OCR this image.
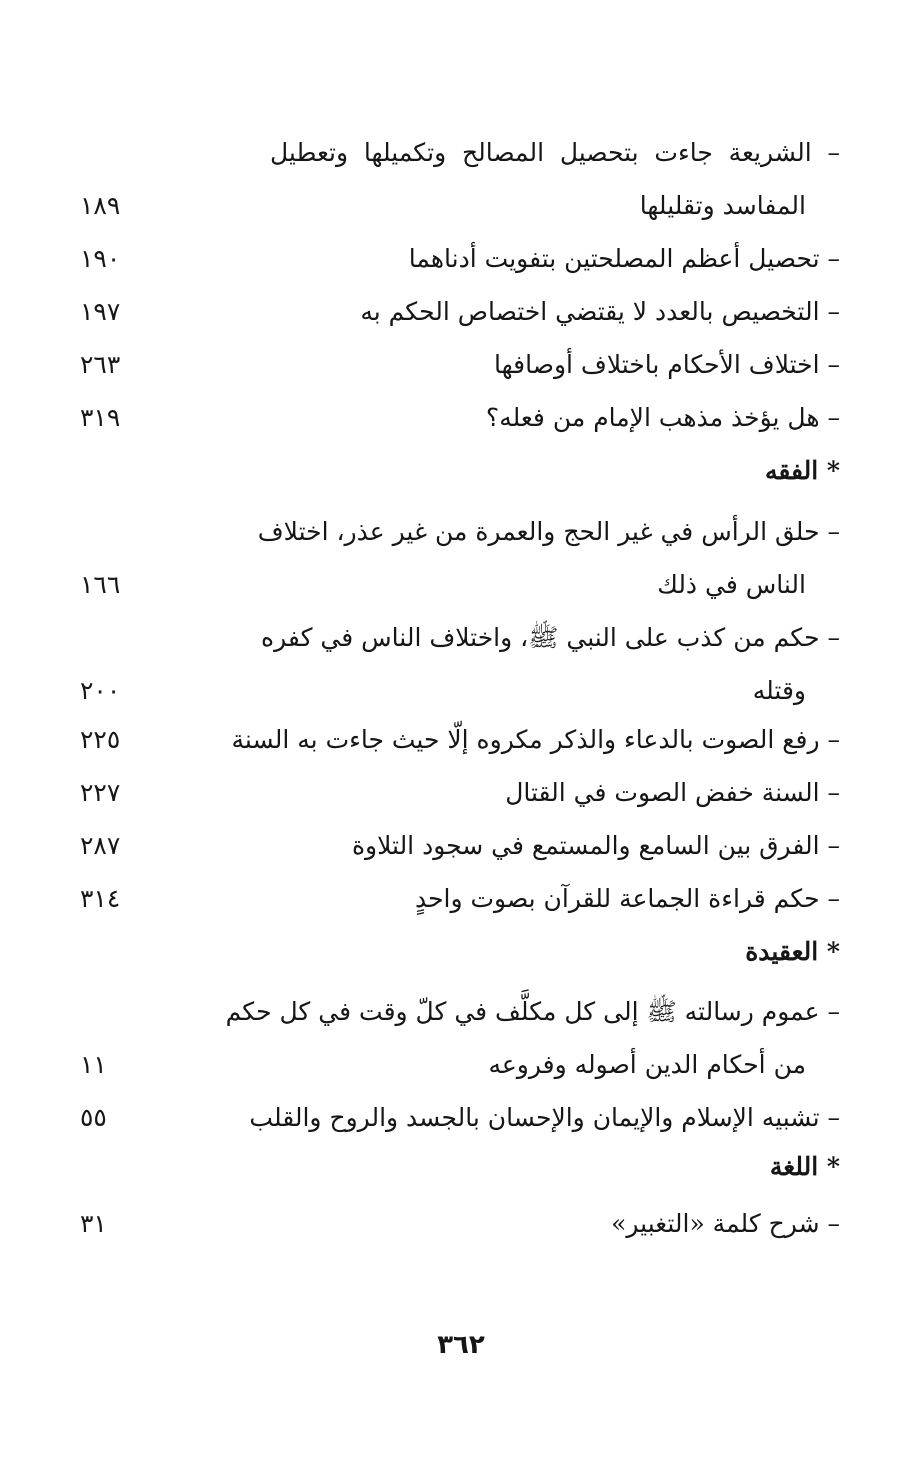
– الشريعة جاءت بتحصيل المصالح وتكميلها وتعطيل
المفاسد وتقليلها
١٨٩
– تحصيل أعظم المصلحتين بتفويت أدناهما
١٩٠
– التخصيص بالعدد لا يقتضي اختصاص الحكم به
١٩٧
– اختلاف الأحكام باختلاف أوصافها
٢٦٣
– هل يؤخذ مذهب الإمام من فعله؟
٣١٩
* الفقه
– حلق الرأس في غير الحج والعمرة من غير عذر، اختلاف
الناس في ذلك
١٦٦
– حكم من كذب على النبي ﷺ، واختلاف الناس في كفره
وقتله
٢٠٠
– رفع الصوت بالدعاء والذكر مكروه إلّا حيث جاءت به السنة
٢٢٥
– السنة خفض الصوت في القتال
٢٢٧
– الفرق بين السامع والمستمع في سجود التلاوة
٢٨٧
– حكم قراءة الجماعة للقرآن بصوت واحدٍ
٣١٤
* العقيدة
– عموم رسالته ﷺ إلى كل مكلَّف في كلّ وقت في كل حكم
من أحكام الدين أصوله وفروعه
١١
– تشبيه الإسلام والإيمان والإحسان بالجسد والروح والقلب
٥٥
* اللغة
– شرح كلمة «التغبير»
٣١
٣٦٢
